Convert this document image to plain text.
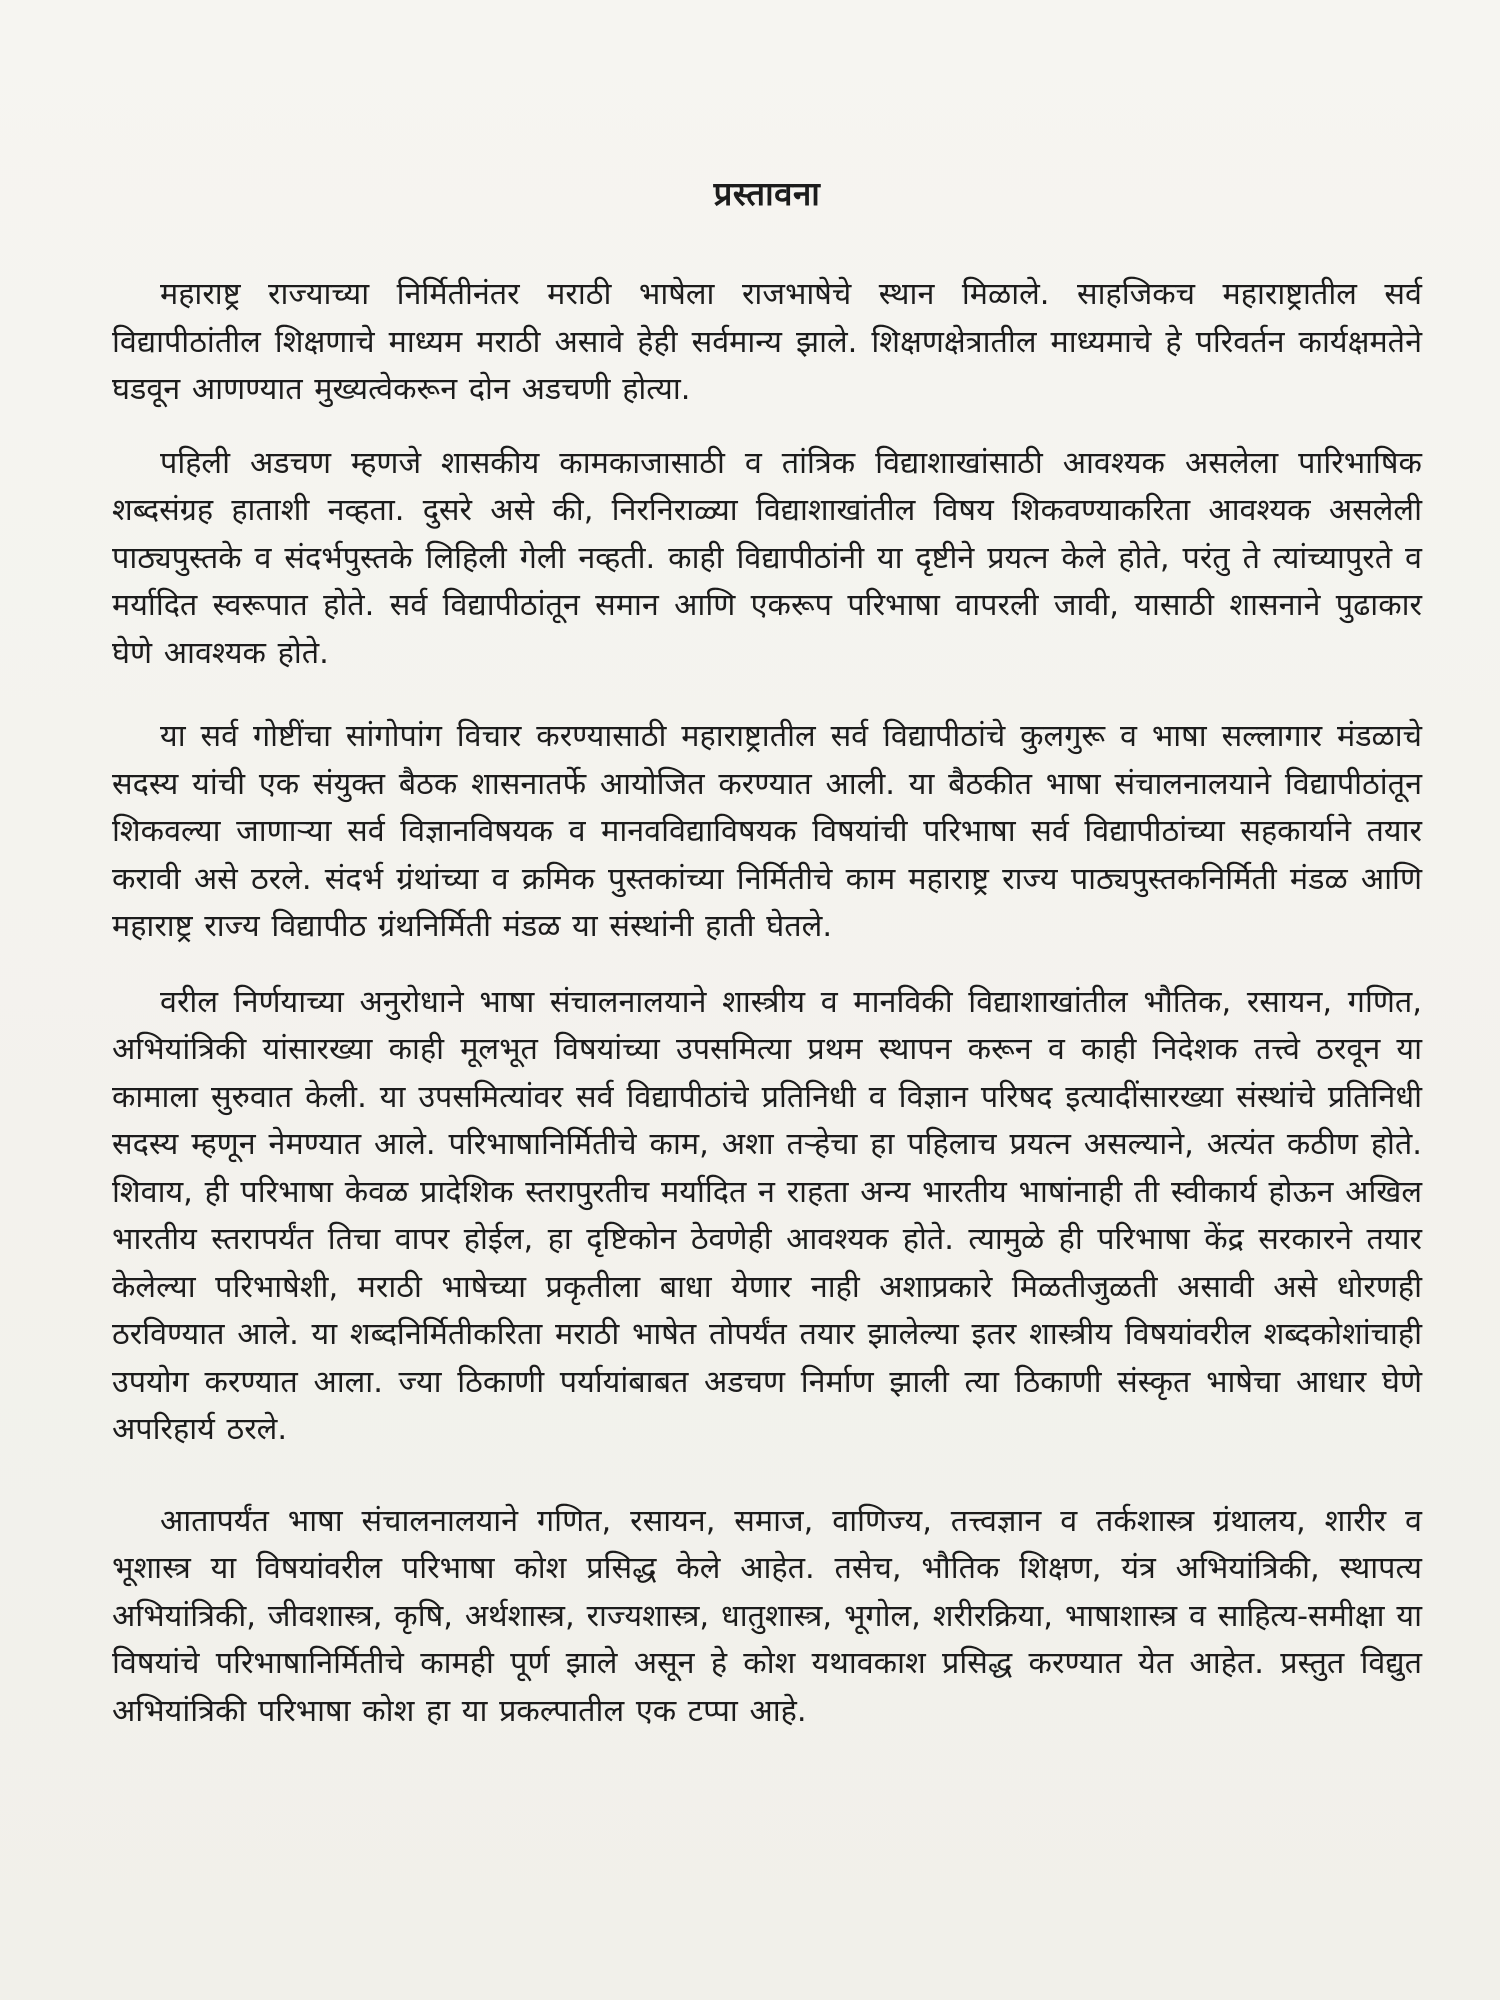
प्रस्तावना

महाराष्ट्र राज्याच्या निर्मितीनंतर मराठी भाषेला राजभाषेचे स्थान मिळाले. साहजिकच महाराष्ट्रातील सर्व विद्यापीठांतील शिक्षणाचे माध्यम मराठी असावे हेही सर्वमान्य झाले. शिक्षणक्षेत्रातील माध्यमाचे हे परिवर्तन कार्यक्षमतेने घडवून आणण्यात मुख्यत्वेकरून दोन अडचणी होत्या.

पहिली अडचण म्हणजे शासकीय कामकाजासाठी व तांत्रिक विद्याशाखांसाठी आवश्यक असलेला पारिभाषिक शब्दसंग्रह हाताशी नव्हता. दुसरे असे की, निरनिराळ्या विद्याशाखांतील विषय शिकवण्याकरिता आवश्यक असलेली पाठ्यपुस्तके व संदर्भपुस्तके लिहिली गेली नव्हती. काही विद्यापीठांनी या दृष्टीने प्रयत्न केले होते, परंतु ते त्यांच्यापुरते व मर्यादित स्वरूपात होते. सर्व विद्यापीठांतून समान आणि एकरूप परिभाषा वापरली जावी, यासाठी शासनाने पुढाकार घेणे आवश्यक होते.

या सर्व गोष्टींचा सांगोपांग विचार करण्यासाठी महाराष्ट्रातील सर्व विद्यापीठांचे कुलगुरू व भाषा सल्लागार मंडळाचे सदस्य यांची एक संयुक्त बैठक शासनातर्फे आयोजित करण्यात आली. या बैठकीत भाषा संचालनालयाने विद्यापीठांतून शिकवल्या जाणाऱ्या सर्व विज्ञानविषयक व मानवविद्याविषयक विषयांची परिभाषा सर्व विद्यापीठांच्या सहकार्याने तयार करावी असे ठरले. संदर्भ ग्रंथांच्या व क्रमिक पुस्तकांच्या निर्मितीचे काम महाराष्ट्र राज्य पाठ्यपुस्तकनिर्मिती मंडळ आणि महाराष्ट्र राज्य विद्यापीठ ग्रंथनिर्मिती मंडळ या संस्थांनी हाती घेतले.

वरील निर्णयाच्या अनुरोधाने भाषा संचालनालयाने शास्त्रीय व मानविकी विद्याशाखांतील भौतिक, रसायन, गणित, अभियांत्रिकी यांसारख्या काही मूलभूत विषयांच्या उपसमित्या प्रथम स्थापन करून व काही निदेशक तत्त्वे ठरवून या कामाला सुरुवात केली. या उपसमित्यांवर सर्व विद्यापीठांचे प्रतिनिधी व विज्ञान परिषद इत्यादींसारख्या संस्थांचे प्रतिनिधी सदस्य म्हणून नेमण्यात आले. परिभाषानिर्मितीचे काम, अशा तऱ्हेचा हा पहिलाच प्रयत्न असल्याने, अत्यंत कठीण होते. शिवाय, ही परिभाषा केवळ प्रादेशिक स्तरापुरतीच मर्यादित न राहता अन्य भारतीय भाषांनाही ती स्वीकार्य होऊन अखिल भारतीय स्तरापर्यंत तिचा वापर होईल, हा दृष्टिकोन ठेवणेही आवश्यक होते. त्यामुळे ही परिभाषा केंद्र सरकारने तयार केलेल्या परिभाषेशी, मराठी भाषेच्या प्रकृतीला बाधा येणार नाही अशाप्रकारे मिळतीजुळती असावी असे धोरणही ठरविण्यात आले. या शब्दनिर्मितीकरिता मराठी भाषेत तोपर्यंत तयार झालेल्या इतर शास्त्रीय विषयांवरील शब्दकोशांचाही उपयोग करण्यात आला. ज्या ठिकाणी पर्यायांबाबत अडचण निर्माण झाली त्या ठिकाणी संस्कृत भाषेचा आधार घेणे अपरिहार्य ठरले.

आतापर्यंत भाषा संचालनालयाने गणित, रसायन, समाज, वाणिज्य, तत्त्वज्ञान व तर्कशास्त्र ग्रंथालय, शारीर व भूशास्त्र या विषयांवरील परिभाषा कोश प्रसिद्ध केले आहेत. तसेच, भौतिक शिक्षण, यंत्र अभियांत्रिकी, स्थापत्य अभियांत्रिकी, जीवशास्त्र, कृषि, अर्थशास्त्र, राज्यशास्त्र, धातुशास्त्र, भूगोल, शरीरक्रिया, भाषाशास्त्र व साहित्य-समीक्षा या विषयांचे परिभाषानिर्मितीचे कामही पूर्ण झाले असून हे कोश यथावकाश प्रसिद्ध करण्यात येत आहेत. प्रस्तुत विद्युत अभियांत्रिकी परिभाषा कोश हा या प्रकल्पातील एक टप्पा आहे.
